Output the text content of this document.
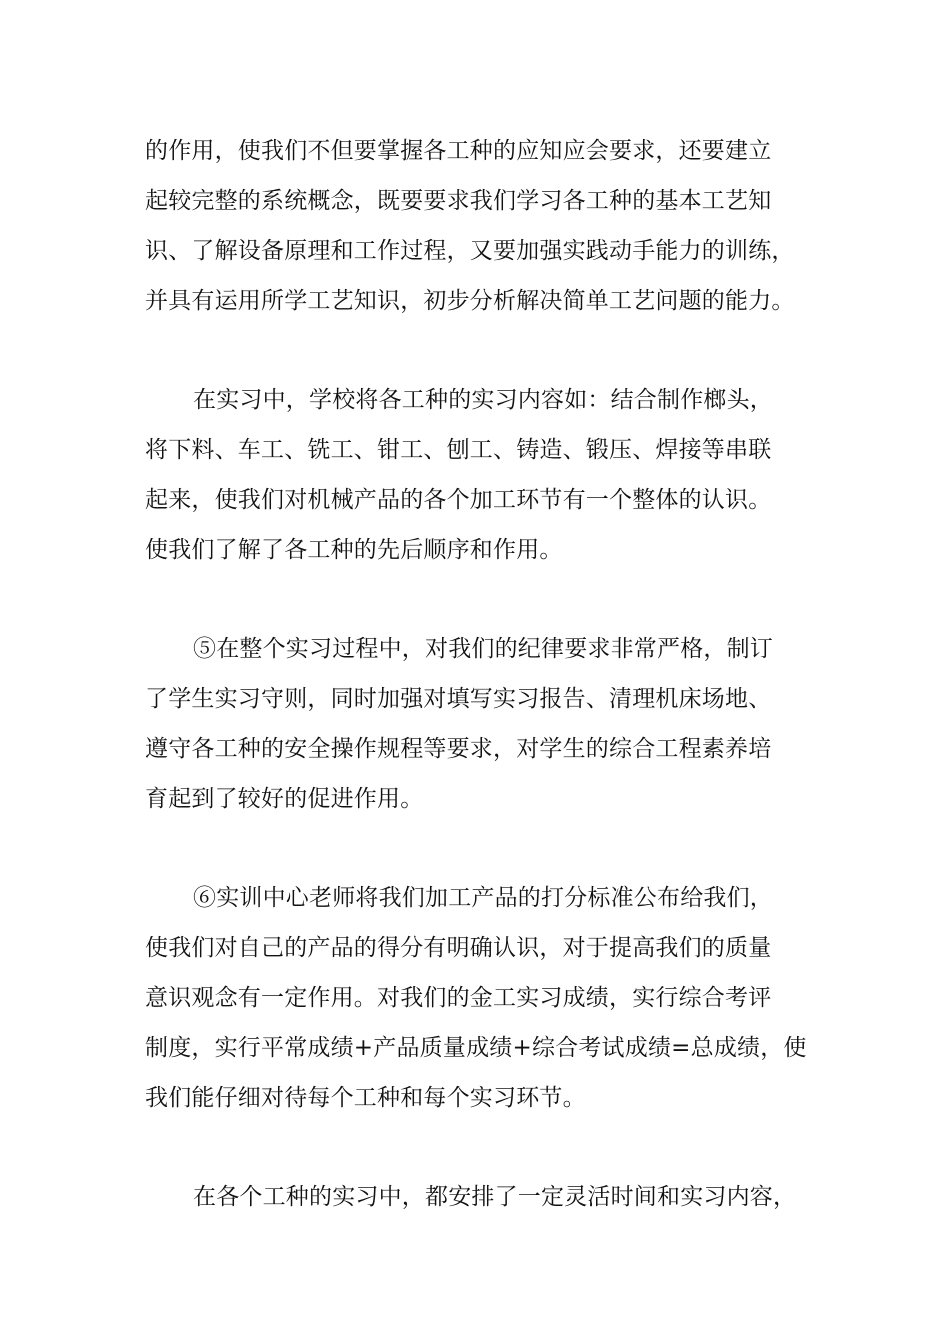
的作用，使我们不但要掌握各工种的应知应会要求，还要建立
起较完整的系统概念，既要要求我们学习各工种的基本工艺知
识、了解设备原理和工作过程，又要加强实践动手能力的训练，
并具有运用所学工艺知识，初步分析解决简单工艺问题的能力。
在实习中，学校将各工种的实习内容如：结合制作榔头，
将下料、车工、铣工、钳工、刨工、铸造、锻压、焊接等串联
起来，使我们对机械产品的各个加工环节有一个整体的认识。
使我们了解了各工种的先后顺序和作用。
⑤在整个实习过程中，对我们的纪律要求非常严格，制订
了学生实习守则，同时加强对填写实习报告、清理机床场地、
遵守各工种的安全操作规程等要求，对学生的综合工程素养培
育起到了较好的促进作用。
⑥实训中心老师将我们加工产品的打分标准公布给我们，
使我们对自己的产品的得分有明确认识，对于提高我们的质量
意识观念有一定作用。对我们的金工实习成绩，实行综合考评
制度，实行平常成绩+产品质量成绩+综合考试成绩=总成绩，使
我们能仔细对待每个工种和每个实习环节。
在各个工种的实习中，都安排了一定灵活时间和实习内容，
